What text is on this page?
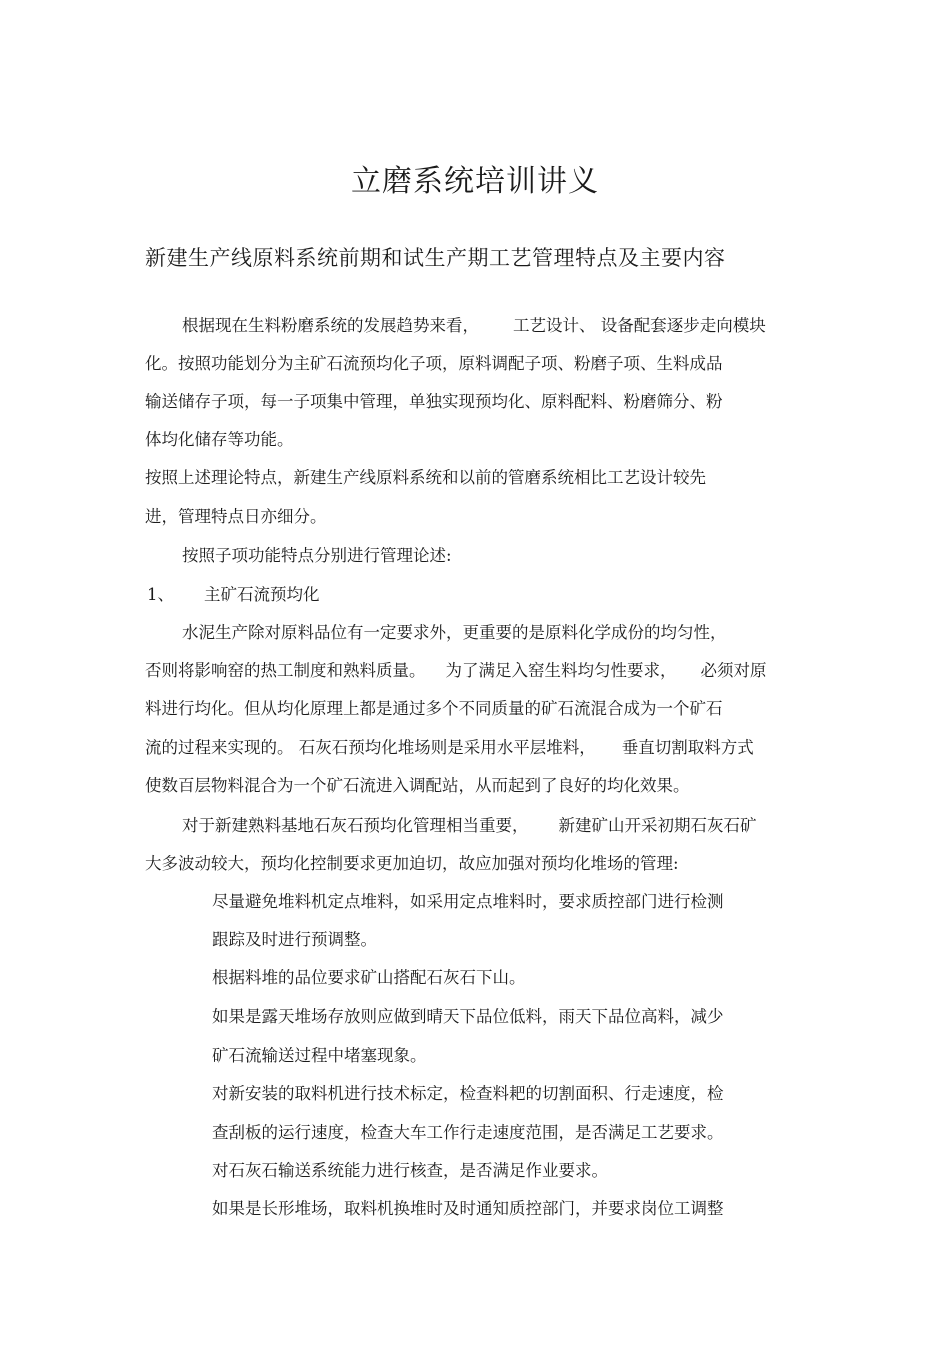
立磨系统培训讲义
新建生产线原料系统前期和试生产期工艺管理特点及主要内容
根据现在生料粉磨系统的发展趋势来看， 工艺设计、 设备配套逐步走向模块
化。按照功能划分为主矿石流预均化子项，原料调配子项、粉磨子项、生料成品
输送储存子项，每一子项集中管理，单独实现预均化、原料配料、粉磨筛分、粉
体均化储存等功能。
按照上述理论特点，新建生产线原料系统和以前的管磨系统相比工艺设计较先
进，管理特点日亦细分。
按照子项功能特点分别进行管理论述:
1、 主矿石流预均化
水泥生产除对原料品位有一定要求外，更重要的是原料化学成份的均匀性，
否则将影响窑的热工制度和熟料质量。 为了满足入窑生料均匀性要求， 必须对原
料进行均化。但从均化原理上都是通过多个不同质量的矿石流混合成为一个矿石
流的过程来实现的。 石灰石预均化堆场则是采用水平层堆料， 垂直切割取料方式
使数百层物料混合为一个矿石流进入调配站，从而起到了良好的均化效果。
对于新建熟料基地石灰石预均化管理相当重要， 新建矿山开采初期石灰石矿
大多波动较大，预均化控制要求更加迫切，故应加强对预均化堆场的管理:
尽量避免堆料机定点堆料，如采用定点堆料时，要求质控部门进行检测
跟踪及时进行预调整。
根据料堆的品位要求矿山搭配石灰石下山。
如果是露天堆场存放则应做到晴天下品位低料，雨天下品位高料，减少
矿石流输送过程中堵塞现象。
对新安装的取料机进行技术标定，检查料耙的切割面积、行走速度，检
查刮板的运行速度，检查大车工作行走速度范围，是否满足工艺要求。
对石灰石输送系统能力进行核查，是否满足作业要求。
如果是长形堆场，取料机换堆时及时通知质控部门，并要求岗位工调整
